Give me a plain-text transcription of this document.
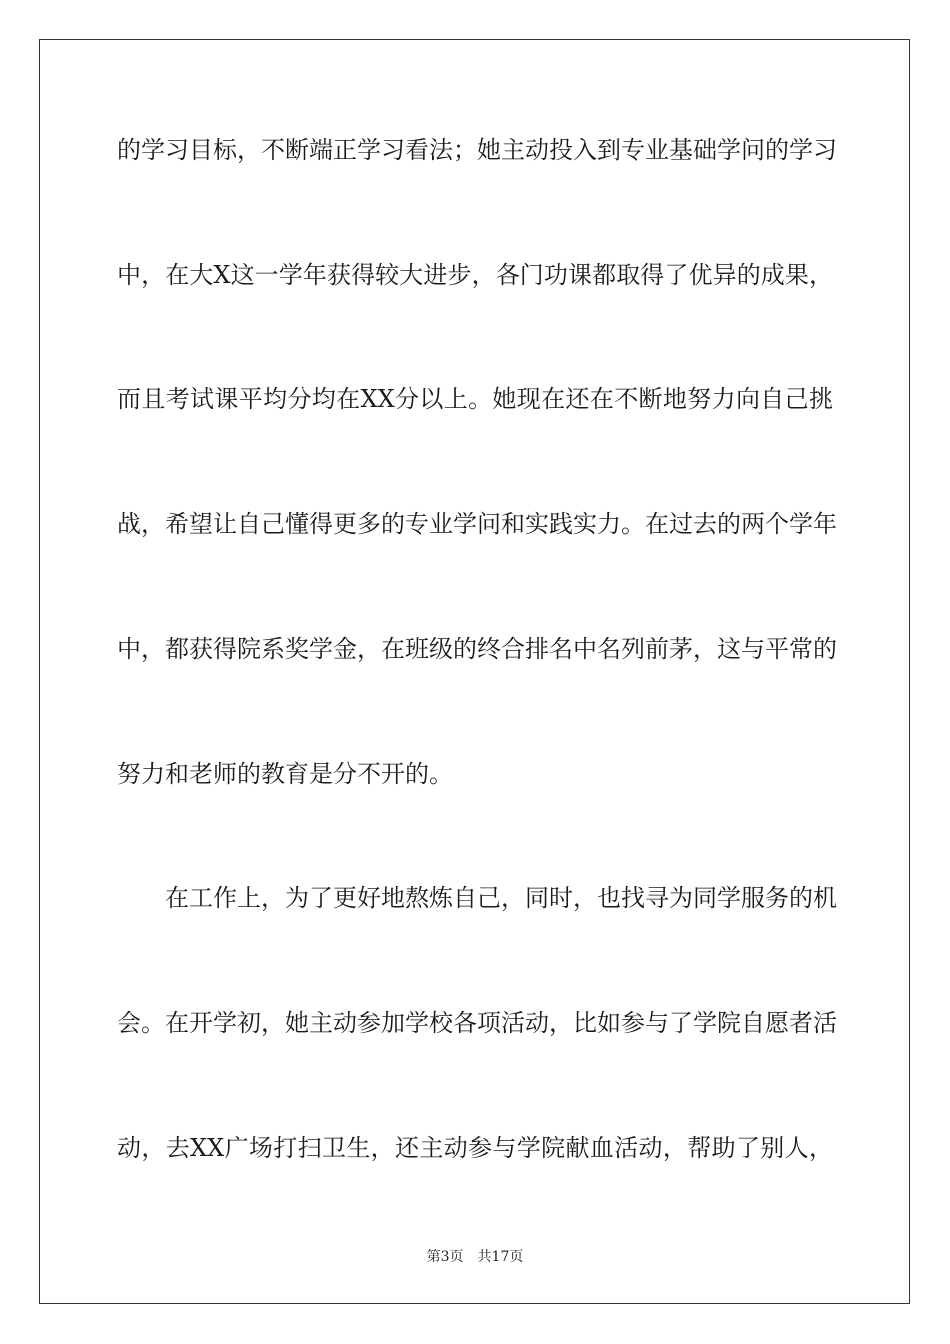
的学习目标，不断端正学习看法；她主动投入到专业基础学问的学习
中，在大X这一学年获得较大进步，各门功课都取得了优异的成果，
而且考试课平均分均在XX分以上。她现在还在不断地努力向自己挑
战，希望让自己懂得更多的专业学问和实践实力。在过去的两个学年
中，都获得院系奖学金，在班级的终合排名中名列前茅，这与平常的
努力和老师的教育是分不开的。
在工作上，为了更好地熬炼自己，同时，也找寻为同学服务的机
会。在开学初，她主动参加学校各项活动，比如参与了学院自愿者活
动，去XX广场打扫卫生，还主动参与学院献血活动，帮助了别人，
第3页 共17页
